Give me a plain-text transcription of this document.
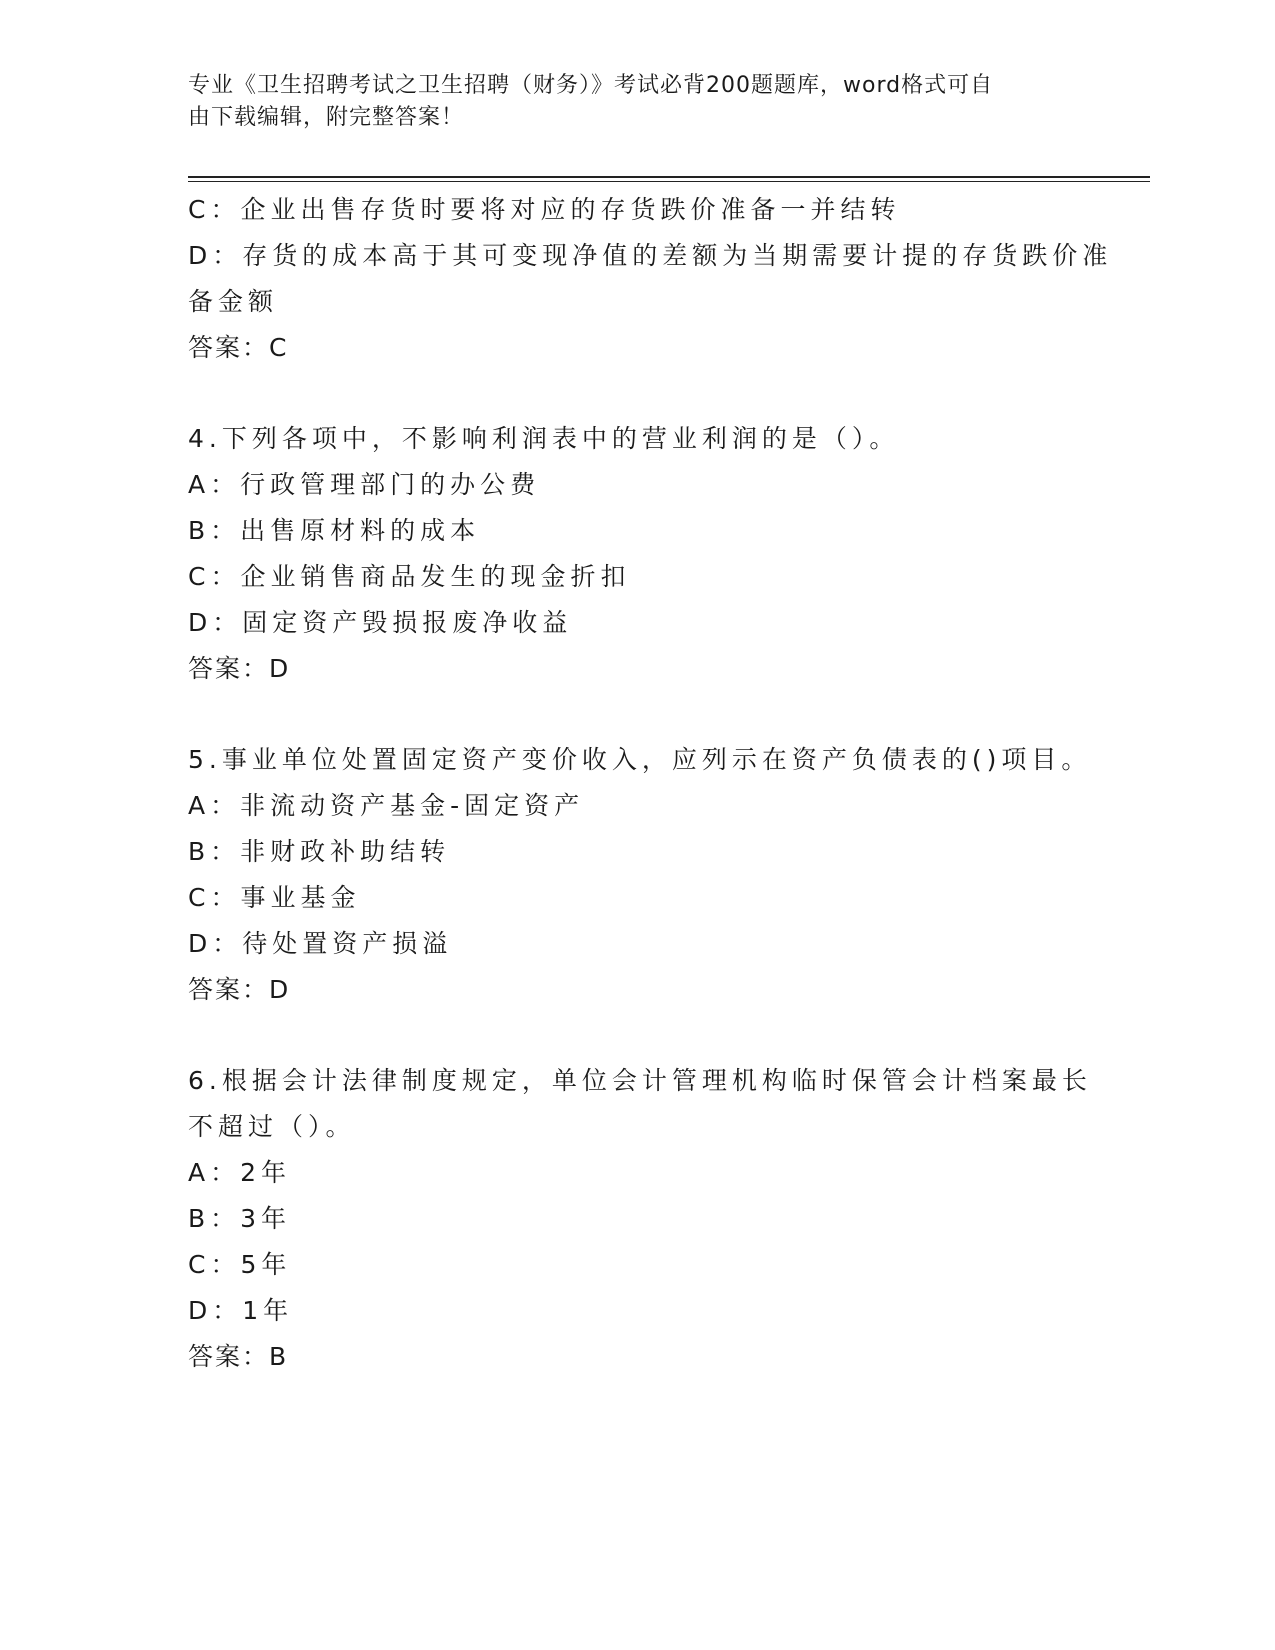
专业《卫生招聘考试之卫生招聘（财务）》考试必背200题题库，word格式可自
由下载编辑，附完整答案！
C：企业出售存货时要将对应的存货跌价准备一并结转
D：存货的成本高于其可变现净值的差额为当期需要计提的存货跌价准
备金额
答案：C
4.下列各项中，不影响利润表中的营业利润的是（）。
A：行政管理部门的办公费
B：出售原材料的成本
C：企业销售商品发生的现金折扣
D：固定资产毁损报废净收益
答案：D
5.事业单位处置固定资产变价收入，应列示在资产负债表的()项目。
A：非流动资产基金-固定资产
B：非财政补助结转
C：事业基金
D：待处置资产损溢
答案：D
6.根据会计法律制度规定，单位会计管理机构临时保管会计档案最长
不超过（）。
A：2年
B：3年
C：5年
D：1年
答案：B
